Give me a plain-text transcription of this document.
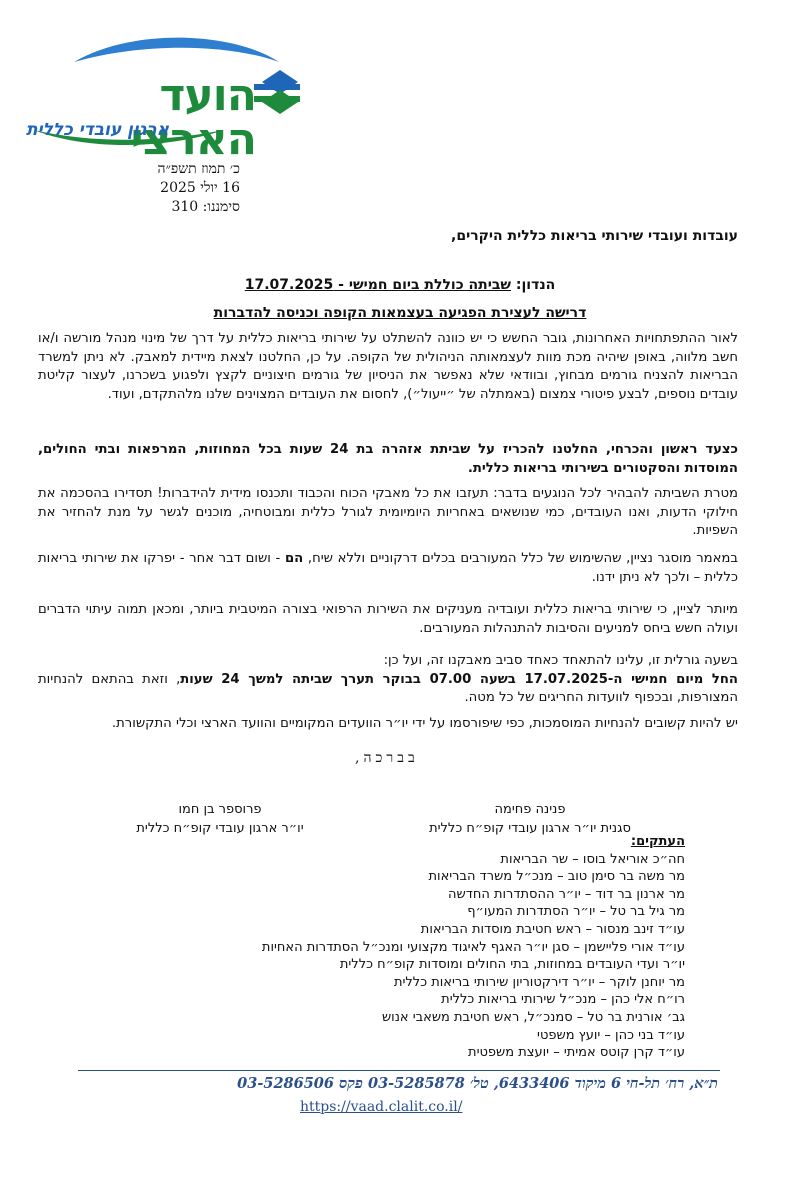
הועד הארצי
ארגון עובדי כללית
כ׳ תמוז תשפ״ה
16 יולי 2025
סימננו: 310
עובדות ועובדי שירותי בריאות כללית היקרים,
הנדון: שביתה כוללת ביום חמישי - 17.07.2025
דרישה לעצירת הפגיעה בעצמאות הקופה וכניסה להדברות
לאור ההתפתחויות האחרונות, גובר החשש כי יש כוונה להשתלט על שירותי בריאות כללית על דרך של מינוי מנהל מורשה ו/או חשב מלווה, באופן שיהיה מכת מוות לעצמאותה הניהולית של הקופה. על כן, החלטנו לצאת מיידית למאבק. לא ניתן למשרד הבריאות להצניח גורמים מבחוץ, ובוודאי שלא נאפשר את הניסיון של גורמים חיצוניים לקצץ ולפגוע בשכרנו, לעצור קליטת עובדים נוספים, לבצע פיטורי צמצום (באמתלה של ״ייעול״), לחסום את העובדים המצוינים שלנו מלהתקדם, ועוד.
כצעד ראשון והכרחי, החלטנו להכריז על שביתת אזהרה בת 24 שעות בכל המחוזות, המרפאות ובתי החולים, המוסדות והסקטורים בשירותי בריאות כללית.
מטרת השביתה להבהיר לכל הנוגעים בדבר: תעזבו את כל מאבקי הכוח והכבוד ותכנסו מידית להידברות! תסדירו בהסכמה את חילוקי הדעות, ואנו העובדים, כמי שנושאים באחריות היומיומית לגורל כללית ומבוטחיה, מוכנים לגשר על מנת להחזיר את השפיות.
במאמר מוסגר נציין, שהשימוש של כלל המעורבים בכלים דרקוניים וללא שיח, הם - ושום דבר אחר - יפרקו את שירותי בריאות כללית – ולכך לא ניתן ידנו.
מיותר לציין, כי שירותי בריאות כללית ועובדיה מעניקים את השירות הרפואי בצורה המיטבית ביותר, ומכאן תמוה עיתוי הדברים ועולה חשש ביחס למניעים והסיבות להתנהלות המעורבים.
בשעה גורלית זו, עלינו להתאחד כאחד סביב מאבקנו זה, ועל כן:
החל מיום חמישי ה-17.07.2025 בשעה 07.00 בבוקר תערך שביתה למשך 24 שעות, וזאת בהתאם להנחיות המצורפות, ובכפוף לוועדות החריגים של כל מטה.
יש להיות קשובים להנחיות המוסמכות, כפי שיפורסמו על ידי יו״ר הוועדים המקומיים והוועד הארצי וכלי התקשורת.
בברכה,
פנינה פחימה
סגנית יו״ר ארגון עובדי קופ״ח כללית
פרוספר בן חמו
יו״ר ארגון עובדי קופ״ח כללית
העתקים:
חה״כ אוריאל בוסו – שר הבריאות
מר משה בר סימן טוב – מנכ״ל משרד הבריאות
מר ארנון בר דוד – יו״ר ההסתדרות החדשה
מר גיל בר טל – יו״ר הסתדרות המעו״ף
עו״ד זינב מנסור – ראש חטיבת מוסדות הבריאות
עו״ד אורי פליישמן – סגן יו״ר האגף לאיגוד מקצועי ומנכ״ל הסתדרות האחיות
יו״ר ועדי העובדים במחוזות, בתי החולים ומוסדות קופ״ח כללית
מר יוחנן לוקר – יו״ר דירקטוריון שירותי בריאות כללית
רו״ח אלי כהן – מנכ״ל שירותי בריאות כללית
גב׳ אורנית בר טל – סמנכ״ל, ראש חטיבת משאבי אנוש
עו״ד בני כהן – יועץ משפטי
עו״ד קרן קוטס אמיתי – יועצת משפטית
ת״א, רח׳ תל-חי 6 מיקוד 6433406, טל׳ 03-5285878 פקס 03-5286506
https://vaad.clalit.co.il/
